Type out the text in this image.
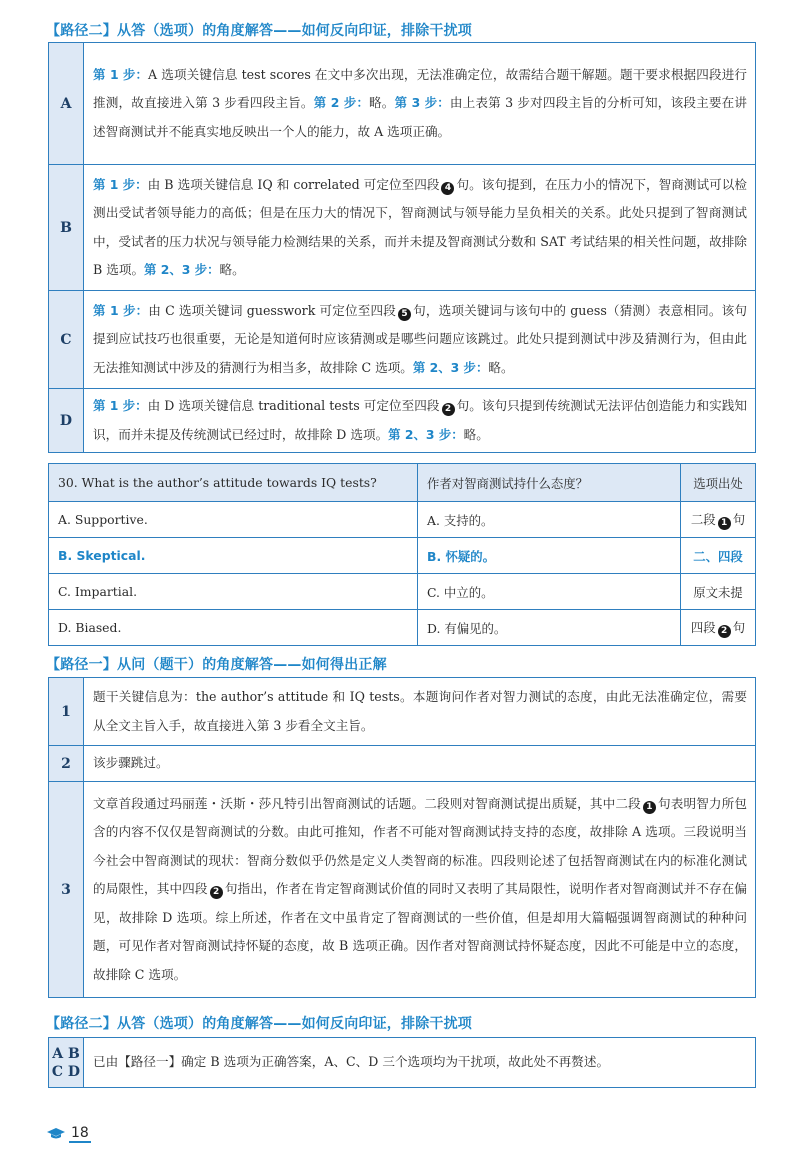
【路径二】从答（选项）的角度解答——如何反向印证，排除干扰项
A	第 1 步：A 选项关键信息 test scores 在文中多次出现，无法准确定位，故需结合题干解题。题干要求根据四段进行推测，故直接进入第 3 步看四段主旨。第 2 步：略。第 3 步：由上表第 3 步对四段主旨的分析可知，该段主要在讲述智商测试并不能真实地反映出一个人的能力，故 A 选项正确。
B	第 1 步：由 B 选项关键信息 IQ 和 correlated 可定位至四段 4 句。该句提到，在压力小的情况下，智商测试可以检测出受试者领导能力的高低；但是在压力大的情况下，智商测试与领导能力呈负相关的关系。此处只提到了智商测试中，受试者的压力状况与领导能力检测结果的关系，而并未提及智商测试分数和 SAT 考试结果的相关性问题，故排除 B 选项。第 2、3 步：略。
C	第 1 步：由 C 选项关键词 guesswork 可定位至四段 5 句，选项关键词与该句中的 guess（猜测）表意相同。该句提到应试技巧也很重要，无论是知道何时应该猜测或是哪些问题应该跳过。此处只提到测试中涉及猜测行为，但由此无法推知测试中涉及的猜测行为相当多，故排除 C 选项。第 2、3 步：略。
D	第 1 步：由 D 选项关键信息 traditional tests 可定位至四段 2 句。该句只提到传统测试无法评估创造能力和实践知识，而并未提及传统测试已经过时，故排除 D 选项。第 2、3 步：略。
30. What is the author’s attitude towards IQ tests?	作者对智商测试持什么态度？	选项出处
A. Supportive.	A. 支持的。	二段 1 句
B. Skeptical.	B. 怀疑的。	二、四段
C. Impartial.	C. 中立的。	原文未提
D. Biased.	D. 有偏见的。	四段 2 句
【路径一】从问（题干）的角度解答——如何得出正解
1	题干关键信息为：the author’s attitude 和 IQ tests。本题询问作者对智力测试的态度，由此无法准确定位，需要从全文主旨入手，故直接进入第 3 步看全文主旨。
2	该步骤跳过。
3	文章首段通过玛丽莲・沃斯・莎凡特引出智商测试的话题。二段则对智商测试提出质疑，其中二段 1 句表明智力所包含的内容不仅仅是智商测试的分数。由此可推知，作者不可能对智商测试持支持的态度，故排除 A 选项。三段说明当今社会中智商测试的现状：智商分数似乎仍然是定义人类智商的标准。四段则论述了包括智商测试在内的标准化测试的局限性，其中四段 2 句指出，作者在肯定智商测试价值的同时又表明了其局限性，说明作者对智商测试并不存在偏见，故排除 D 选项。综上所述，作者在文中虽肯定了智商测试的一些价值，但是却用大篇幅强调智商测试的种种问题，可见作者对智商测试持怀疑的态度，故 B 选项正确。因作者对智商测试持怀疑态度，因此不可能是中立的态度，故排除 C 选项。
【路径二】从答（选项）的角度解答——如何反向印证，排除干扰项
A B
C D
	已由【路径一】确定 B 选项为正确答案，A、C、D 三个选项均为干扰项，故此处不再赘述。
18
